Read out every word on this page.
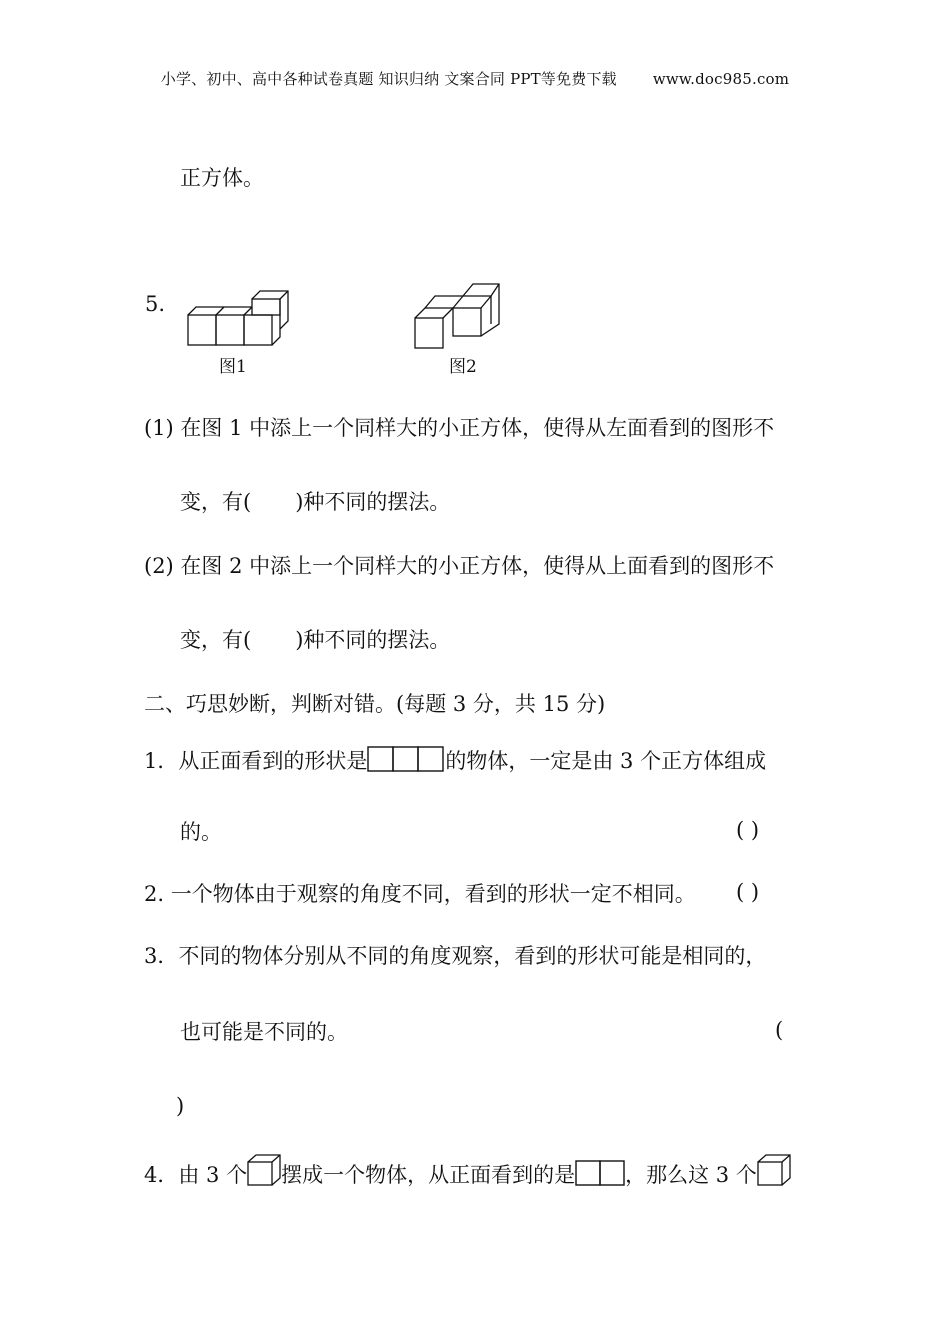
小学、初中、高中各种试卷真题 知识归纳 文案合同 PPT等免费下载 www.doc985.com
正方体。
5.
图1	图2
(1) 在图 1 中添上一个同样大的小正方体，使得从左面看到的图形不
变，有( )种不同的摆法。
(2) 在图 2 中添上一个同样大的小正方体，使得从上面看到的图形不
变，有( )种不同的摆法。
二、巧思妙断，判断对错。(每题 3 分，共 15 分)
1．从正面看到的形状是	的物体，一定是由 3 个正方体组成
的。	( )
2. 一个物体由于观察的角度不同，看到的形状一定不相同。 ( )
3．不同的物体分别从不同的角度观察，看到的形状可能是相同的，
也可能是不同的。	(
)
4．由 3 个 摆成一个物体，从正面看到的是 ，那么这 3 个
